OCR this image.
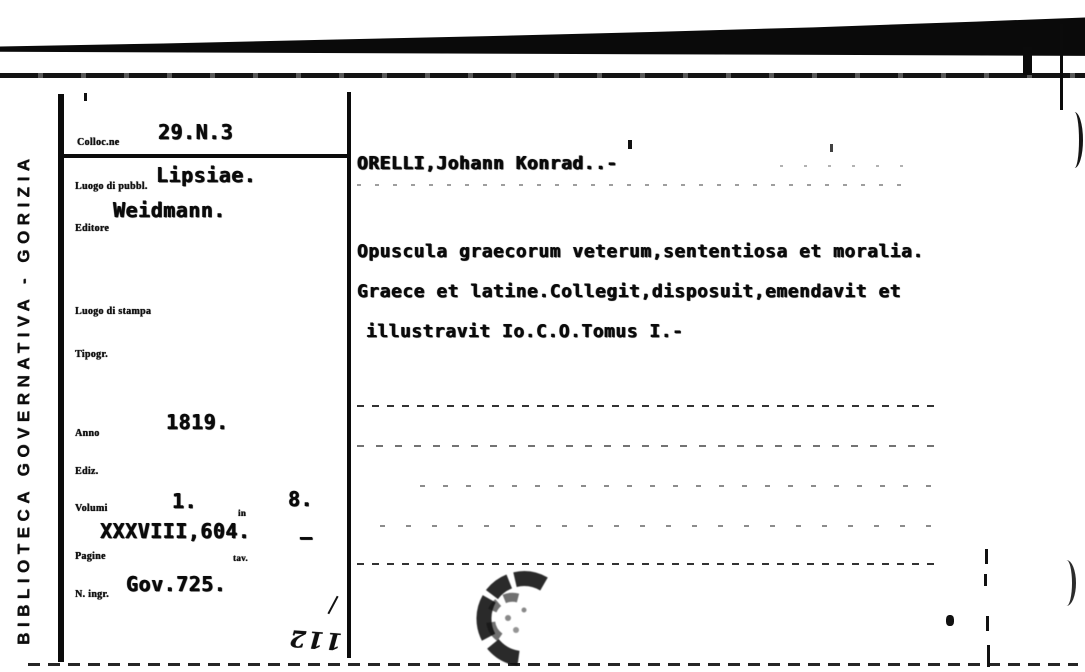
BIBLIOTECA GOVERNATIVA - GORIZIA
Colloc.ne 29.N.3
Lipsiae.
Luogo di pubbl.
Weidmann.
Editore
Luogo di stampa
Tipogr.
1819.
Anno
Ediz.
1.	in
8.
Volumi
XXXVIII,604. —
Pagine	tav.
Gov.725.
N. ingr.
112
ORELLI,Johann Konrad..-
Opuscula graecorum veterum,sententiosa et moralia.
Graece et latine.Collegit,disposuit,emendavit et
illustravit Io.C.O.Tomus I.-
